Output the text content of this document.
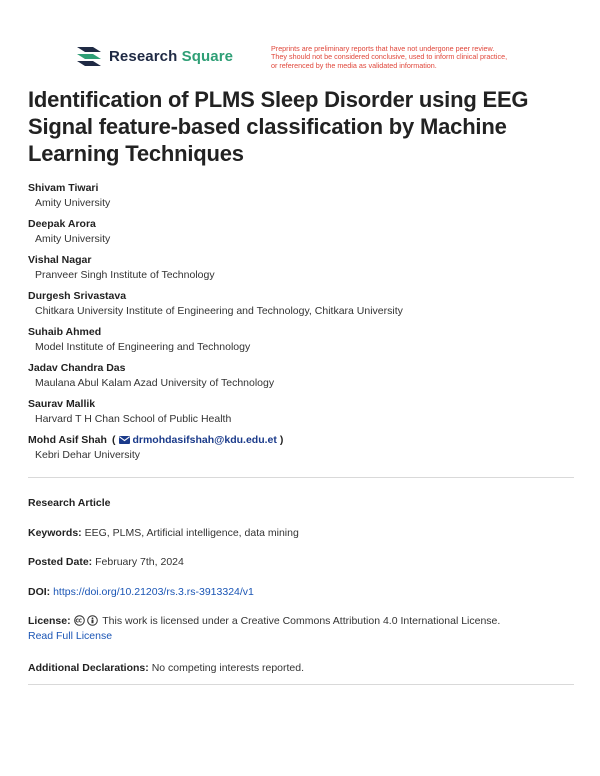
Research Square	Preprints are preliminary reports that have not undergone peer review.
They should not be considered conclusive, used to inform clinical practice,
or referenced by the media as validated information.
Identification of PLMS Sleep Disorder using EEG Signal feature-based classification by Machine Learning Techniques
Shivam Tiwari
Amity University
Deepak Arora
Amity University
Vishal Nagar
Pranveer Singh Institute of Technology
Durgesh Srivastava
Chitkara University Institute of Engineering and Technology, Chitkara University
Suhaib Ahmed
Model Institute of Engineering and Technology
Jadav Chandra Das
Maulana Abul Kalam Azad University of Technology
Saurav Mallik
Harvard T H Chan School of Public Health
Mohd Asif Shah ( drmohdasifshah@kdu.edu.et )
Kebri Dehar University
Research Article
Keywords: EEG, PLMS, Artificial intelligence, data mining
Posted Date: February 7th, 2024
DOI: https://doi.org/10.21203/rs.3.rs-3913324/v1
License:	This work is licensed under a Creative Commons Attribution 4.0 International License.
Read Full License
Additional Declarations: No competing interests reported.
